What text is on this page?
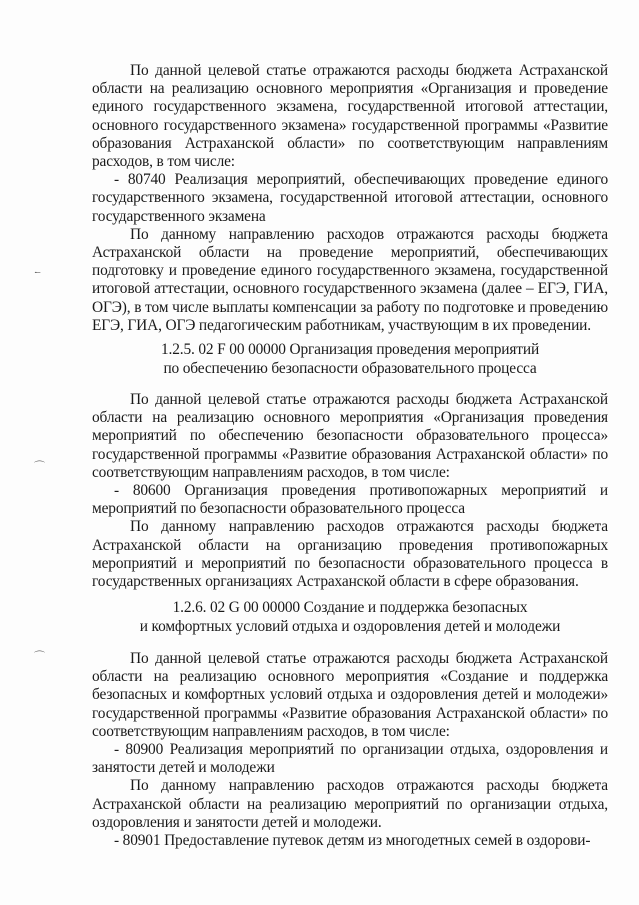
·̶
⌒
⌒

По данной целевой статье отражаются расходы бюджета Астраханской области на реализацию основного мероприятия «Организация и проведение единого государственного экзамена, государственной итоговой аттестации, основного государственного экзамена» государственной программы «Развитие образования Астраханской области» по соответствующим направлениям расходов, в том числе:

- 80740 Реализация мероприятий, обеспечивающих проведение единого государственного экзамена, государственной итоговой аттестации, основного государственного экзамена

По данному направлению расходов отражаются расходы бюджета Астраханской области на проведение мероприятий, обеспечивающих подготовку и проведение единого государственного экзамена, государственной итоговой аттестации, основного государственного экзамена (далее – ЕГЭ, ГИА, ОГЭ), в том числе выплаты компенсации за работу по подготовке и проведению ЕГЭ, ГИА, ОГЭ педагогическим работникам, участвующим в их проведении.

1.2.5. 02 F 00 00000 Организация проведения мероприятий
по обеспечению безопасности образовательного процесса

По данной целевой статье отражаются расходы бюджета Астраханской области на реализацию основного мероприятия «Организация проведения мероприятий по обеспечению безопасности образовательного процесса» государственной программы «Развитие образования Астраханской области» по соответствующим направлениям расходов, в том числе:

- 80600 Организация проведения противопожарных мероприятий и мероприятий по безопасности образовательного процесса

По данному направлению расходов отражаются расходы бюджета Астраханской области на организацию проведения противопожарных мероприятий и мероприятий по безопасности образовательного процесса в государственных организациях Астраханской области в сфере образования.

1.2.6. 02 G 00 00000 Создание и поддержка безопасных
и комфортных условий отдыха и оздоровления детей и молодежи

По данной целевой статье отражаются расходы бюджета Астраханской области на реализацию основного мероприятия «Создание и поддержка безопасных и комфортных условий отдыха и оздоровления детей и молодежи» государственной программы «Развитие образования Астраханской области» по соответствующим направлениям расходов, в том числе:

- 80900 Реализация мероприятий по организации отдыха, оздоровления и занятости детей и молодежи

По данному направлению расходов отражаются расходы бюджета Астраханской области на реализацию мероприятий по организации отдыха, оздоровления и занятости детей и молодежи.

- 80901 Предоставление путевок детям из многодетных семей в оздорови-
